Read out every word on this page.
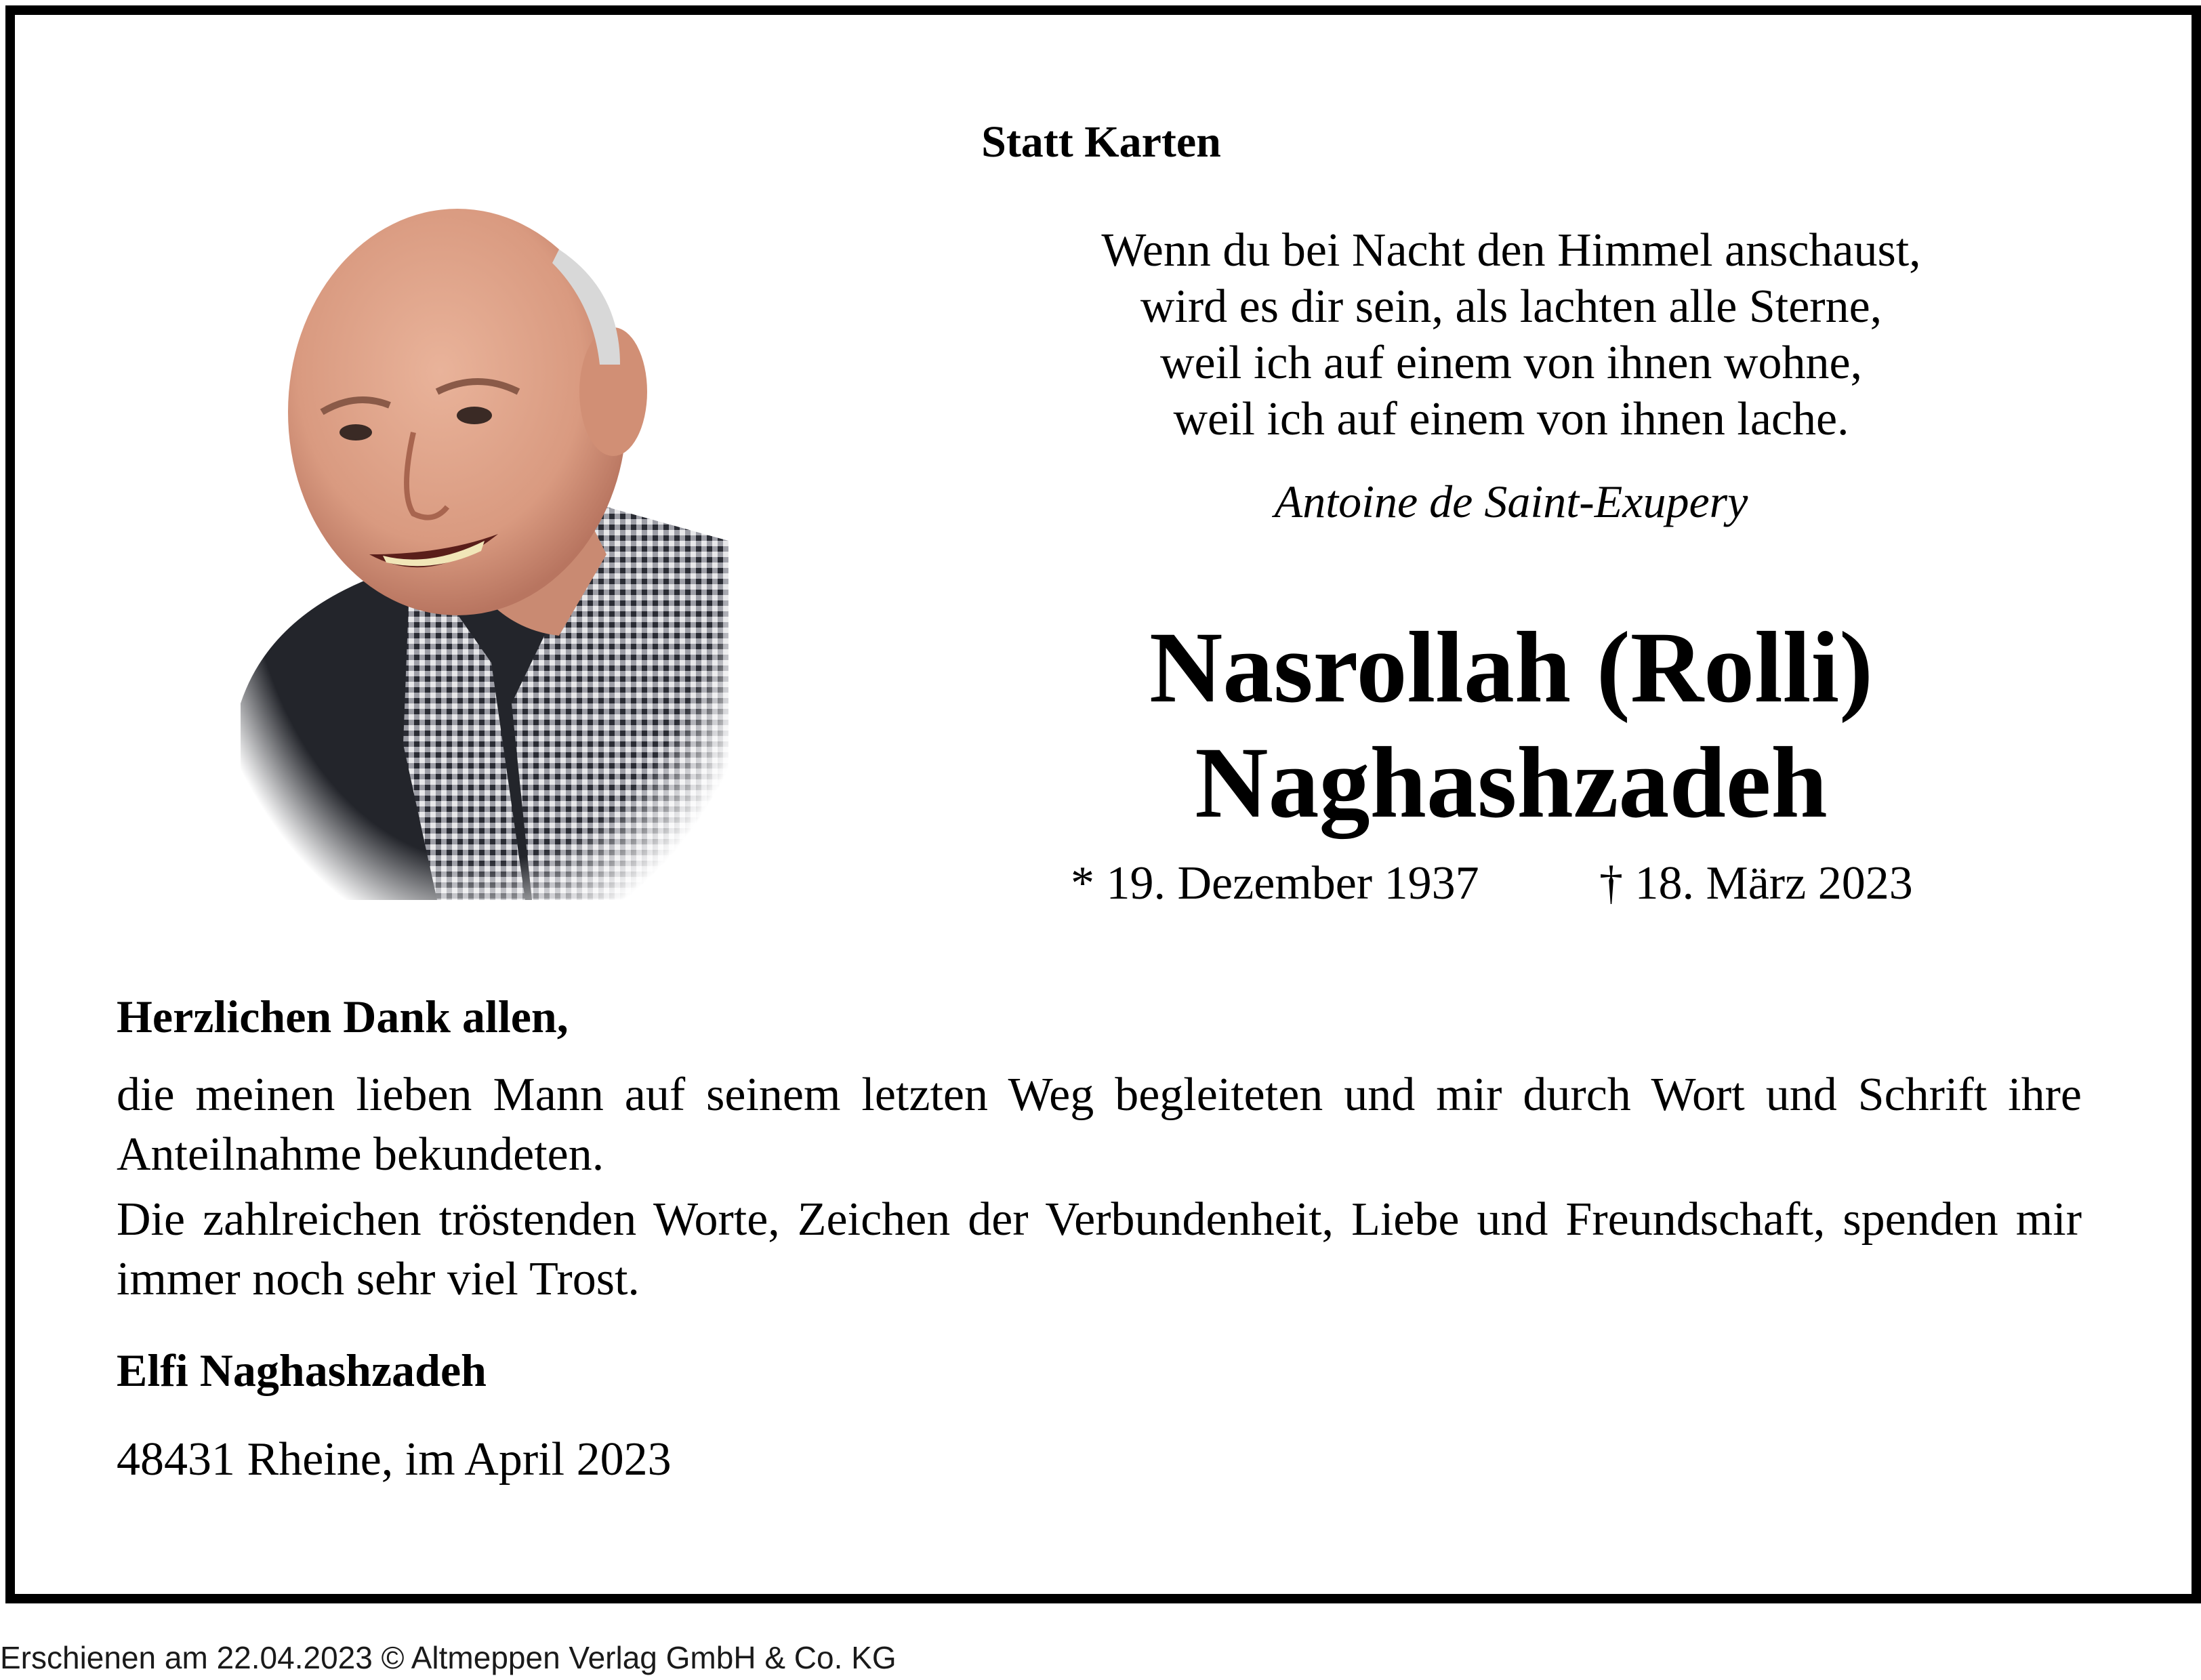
Statt Karten
Wenn du bei Nacht den Himmel anschaust,
wird es dir sein, als lachten alle Sterne,
weil ich auf einem von ihnen wohne,
weil ich auf einem von ihnen lache.
Antoine de Saint-Exupery
Nasrollah (Rolli)
Naghashzadeh
* 19. Dezember 1937	† 18. März 2023
Herzlichen Dank allen,
die meinen lieben Mann auf seinem letzten Weg begleiteten und mir durch Wort und Schrift ihre Anteilnahme bekundeten.
Die zahlreichen tröstenden Worte, Zeichen der Verbundenheit, Liebe und Freundschaft, spenden mir immer noch sehr viel Trost.
Elfi Naghashzadeh
48431 Rheine, im April 2023
Erschienen am 22.04.2023 © Altmeppen Verlag GmbH & Co. KG
